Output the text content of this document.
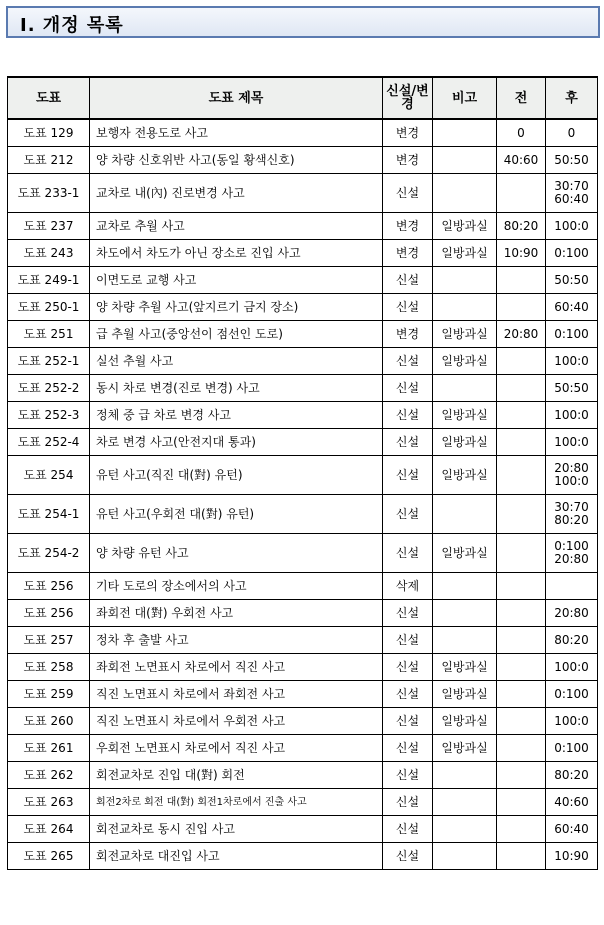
I. 개정 목록
도표	도표 제목	신설/변경	비고	전	후
도표 129	보행자 전용도로 사고	변경		0	0

도표 212	양 차량 신호위반 사고(동일 황색신호)	변경		40:60	50:50

도표 233-1	교차로 내(內) 진로변경 사고	신설			30:70
60:40

도표 237	교차로 추월 사고	변경	일방과실	80:20	100:0

도표 243	차도에서 차도가 아닌 장소로 진입 사고	변경	일방과실	10:90	0:100

도표 249-1	이면도로 교행 사고	신설			50:50

도표 250-1	양 차량 추월 사고(앞지르기 금지 장소)	신설			60:40

도표 251	급 추월 사고(중앙선이 점선인 도로)	변경	일방과실	20:80	0:100

도표 252-1	실선 추월 사고	신설	일방과실		100:0

도표 252-2	동시 차로 변경(진로 변경) 사고	신설			50:50

도표 252-3	정체 중 급 차로 변경 사고	신설	일방과실		100:0

도표 252-4	차로 변경 사고(안전지대 통과)	신설	일방과실		100:0

도표 254	유턴 사고(직진 대(對) 유턴)	신설	일방과실		20:80
100:0

도표 254-1	유턴 사고(우회전 대(對) 유턴)	신설			30:70
80:20

도표 254-2	양 차량 유턴 사고	신설	일방과실		0:100
20:80

도표 256	기타 도로의 장소에서의 사고	삭제			

도표 256	좌회전 대(對) 우회전 사고	신설			20:80

도표 257	정차 후 출발 사고	신설			80:20

도표 258	좌회전 노면표시 차로에서 직진 사고	신설	일방과실		100:0

도표 259	직진 노면표시 차로에서 좌회전 사고	신설	일방과실		0:100

도표 260	직진 노면표시 차로에서 우회전 사고	신설	일방과실		100:0

도표 261	우회전 노면표시 차로에서 직진 사고	신설	일방과실		0:100

도표 262	회전교차로 진입 대(對) 회전	신설			80:20

도표 263	회전2차로 회전 대(對) 회전1차로에서 진출 사고	신설			40:60

도표 264	회전교차로 동시 진입 사고	신설			60:40

도표 265	회전교차로 대진입 사고	신설			10:90
